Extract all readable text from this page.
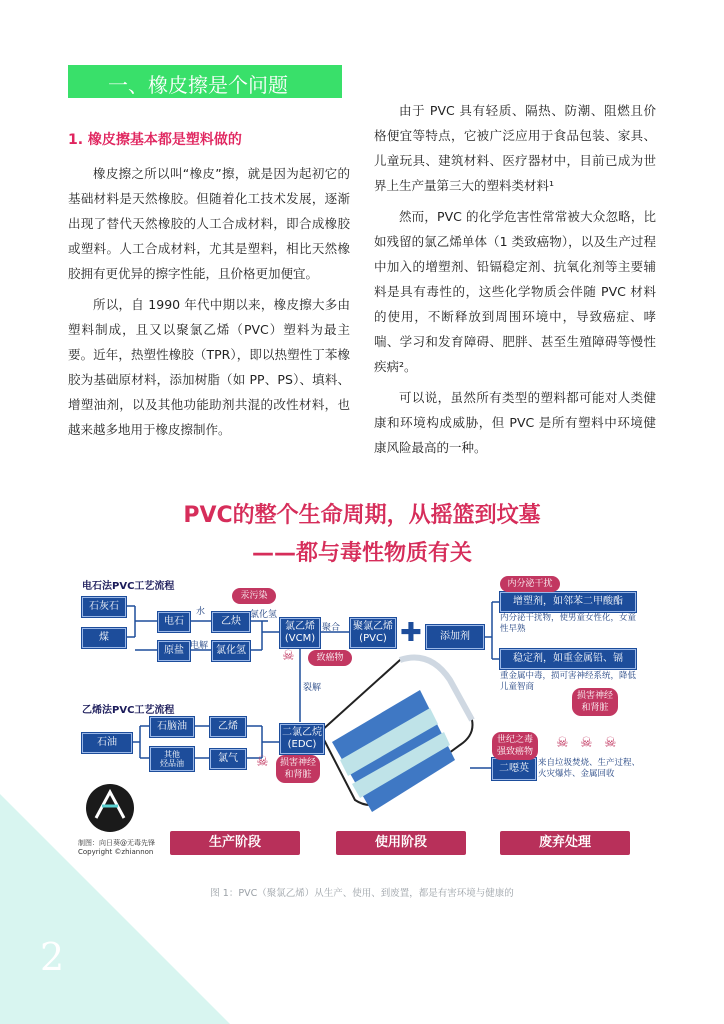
2
一、橡皮擦是个问题

1. 橡皮擦基本都是塑料做的

橡皮擦之所以叫“橡皮”擦，就是因为起初它的基础材料是天然橡胶。但随着化工技术发展，逐渐出现了替代天然橡胶的人工合成材料，即合成橡胶或塑料。人工合成材料，尤其是塑料，相比天然橡胶拥有更优异的擦字性能，且价格更加便宜。

所以，自 1990 年代中期以来，橡皮擦大多由塑料制成，且又以聚氯乙烯（PVC）塑料为最主要。近年，热塑性橡胶（TPR），即以热塑性丁苯橡胶为基础原材料，添加树脂（如 PP、PS）、填料、增塑油剂，以及其他功能助剂共混的改性材料，也越来越多地用于橡皮擦制作。

由于 PVC 具有轻质、隔热、防潮、阻燃且价格便宜等特点，它被广泛应用于食品包装、家具、儿童玩具、建筑材料、医疗器材中，目前已成为世界上生产量第三大的塑料类材料¹

然而，PVC 的化学危害性常常被大众忽略，比如残留的氯乙烯单体（1 类致癌物），以及生产过程中加入的增塑剂、铅镉稳定剂、抗氧化剂等主要辅料是具有毒性的，这些化学物质会伴随 PVC 材料的使用，不断释放到周围环境中，导致癌症、哮喘、学习和发育障碍、肥胖、甚至生殖障碍等慢性疾病²。

可以说，虽然所有类型的塑料都可能对人类健康和环境构成威胁，但 PVC 是所有塑料中环境健康风险最高的一种。

PVC的整个生命周期，从摇篮到坟墓
——都与毒性物质有关
电石法PVC工艺流程
乙烯法PVC工艺流程
石灰石
煤
电石
原盐
乙炔
氯化氢
氯乙烯
(VCM)
聚氯乙烯
(PVC)	添加剂
石油
石脑油	乙烯
其他
烃品油	氯气
二氯乙烷
(EDC)
增塑剂，如邻苯二甲酸酯
稳定剂，如重金属铅、镉
二噁英
水	氯化氢
电解
聚合
裂解
汞污染
致癌物
内分泌干扰
损害神经
和肾脏
损害神经
和肾脏
世纪之毒
强致癌物
内分泌干扰物，使男童女性化，女童性早熟
重金属中毒，损可害神经系统，降低儿童智商
来自垃圾焚烧、生产过程、火灾爆炸、金属回收
✚
☠
☠
☠ ☠ ☠
制图：向日葵@无毒先锋
Copyright ©zhiannon
生产阶段	使用阶段	废弃处理
图 1：PVC（聚氯乙烯）从生产、使用、到废置，都是有害环境与健康的
